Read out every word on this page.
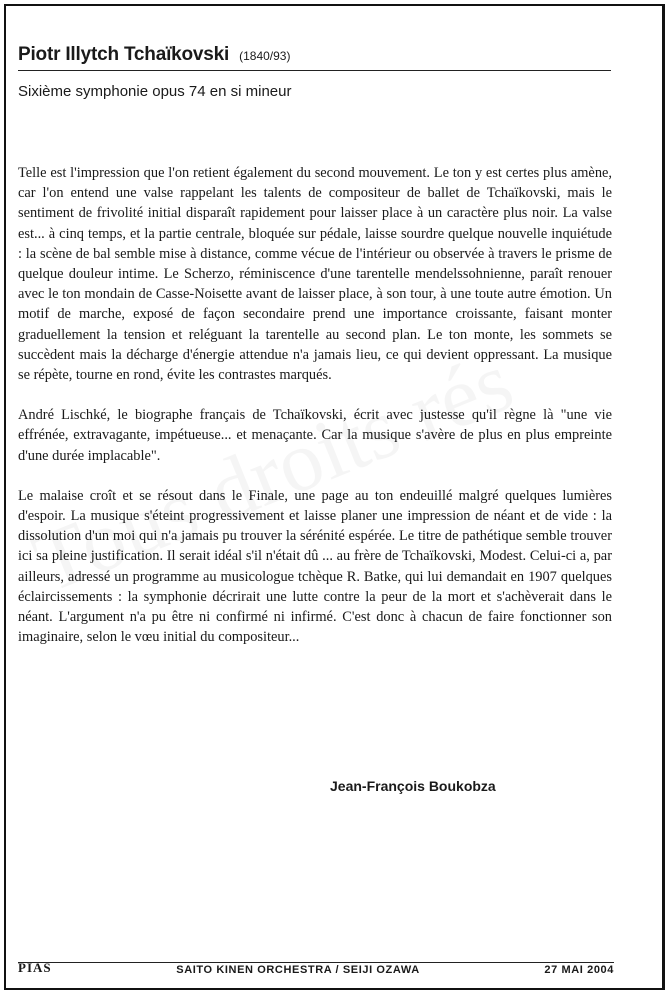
Piotr Illytch Tchaïkovski (1840/93)
Sixième symphonie opus 74 en si mineur

Telle est l'impression que l'on retient également du second mouvement. Le ton y est certes plus amène, car l'on entend une valse rappelant les talents de compositeur de ballet de Tchaïkovski, mais le sentiment de frivolité initial disparaît rapidement pour laisser place à un caractère plus noir. La valse est... à cinq temps, et la partie centrale, bloquée sur pédale, laisse sourdre quelque nouvelle inquiétude : la scène de bal semble mise à distance, comme vécue de l'intérieur ou observée à travers le prisme de quelque douleur intime. Le Scherzo, réminiscence d'une tarentelle mendelssohnienne, paraît renouer avec le ton mondain de Casse-Noisette avant de laisser place, à son tour, à une toute autre émotion. Un motif de marche, exposé de façon secondaire prend une importance croissante, faisant monter graduellement la tension et reléguant la tarentelle au second plan. Le ton monte, les sommets se succèdent mais la décharge d'énergie attendue n'a jamais lieu, ce qui devient oppressant. La musique se répète, tourne en rond, évite les contrastes marqués.

André Lischké, le biographe français de Tchaïkovski, écrit avec justesse qu'il règne là "une vie effrénée, extravagante, impétueuse... et menaçante. Car la musique s'avère de plus en plus empreinte d'une durée implacable".

Le malaise croît et se résout dans le Finale, une page au ton endeuillé malgré quelques lumières d'espoir. La musique s'éteint progressivement et laisse planer une impression de néant et de vide : la dissolution d'un moi qui n'a jamais pu trouver la sérénité espérée. Le titre de pathétique semble trouver ici sa pleine justification. Il serait idéal s'il n'était dû ... au frère de Tchaïkovski, Modest. Celui-ci a, par ailleurs, adressé un programme au musicologue tchèque R. Batke, qui lui demandait en 1907 quelques éclaircissements : la symphonie décrirait une lutte contre la peur de la mort et s'achèverait dans le néant. L'argument n'a pu être ni confirmé ni infirmé. C'est donc à chacun de faire fonctionner son imaginaire, selon le vœu initial du compositeur...

Jean-François Boukobza
PIAS	SAITO KINEN ORCHESTRA / SEIJI OZAWA	27 MAI 2004
